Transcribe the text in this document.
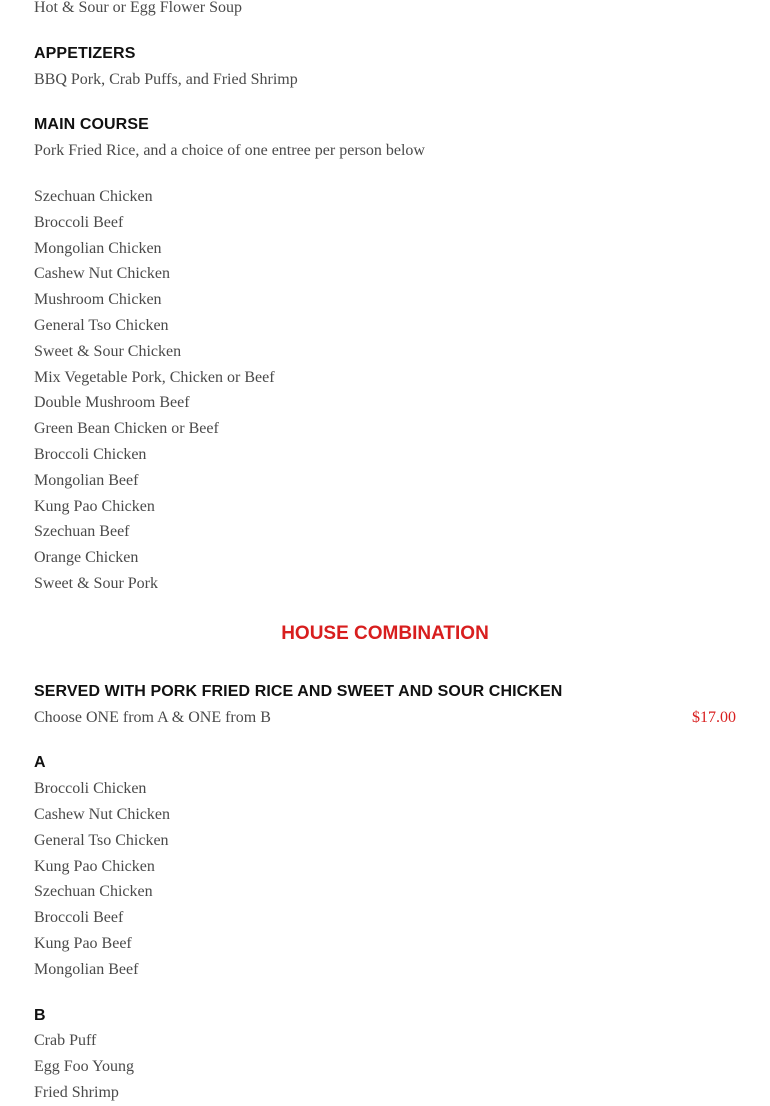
Hot & Sour or Egg Flower Soup
APPETIZERS
BBQ Pork, Crab Puffs, and Fried Shrimp
MAIN COURSE
Pork Fried Rice, and a choice of one entree per person below
Szechuan Chicken
Broccoli Beef
Mongolian Chicken
Cashew Nut Chicken
Mushroom Chicken
General Tso Chicken
Sweet & Sour Chicken
Mix Vegetable Pork, Chicken or Beef
Double Mushroom Beef
Green Bean Chicken or Beef
Broccoli Chicken
Mongolian Beef
Kung Pao Chicken
Szechuan Beef
Orange Chicken
Sweet & Sour Pork
HOUSE COMBINATION
SERVED WITH PORK FRIED RICE AND SWEET AND SOUR CHICKEN
Choose ONE from A & ONE from B	$17.00
A
Broccoli Chicken
Cashew Nut Chicken
General Tso Chicken
Kung Pao Chicken
Szechuan Chicken
Broccoli Beef
Kung Pao Beef
Mongolian Beef
B
Crab Puff
Egg Foo Young
Fried Shrimp
